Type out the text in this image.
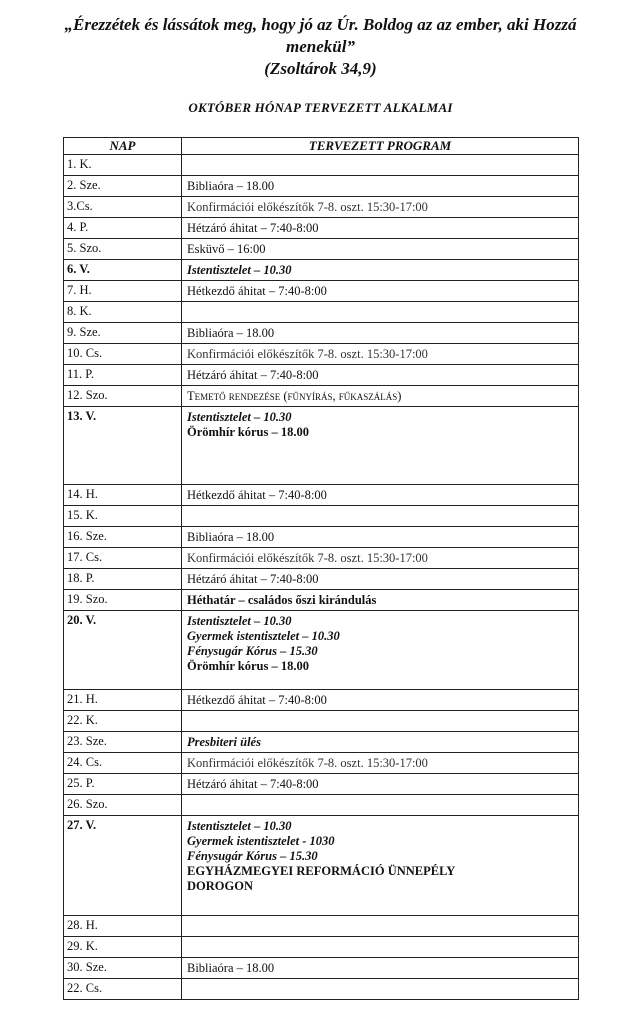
„Érezzétek és lássátok meg, hogy jó az Úr. Boldog az az ember, aki Hozzá
menekül”
(Zsoltárok 34,9)
OKTÓBER HÓNAP TERVEZETT ALKALMAI
NAP	TERVEZETT PROGRAM
1. K.	
2. Sze.	Bibliaóra – 18.00

3.Cs.	Konfirmációi előkészítők 7-8. oszt. 15:30-17:00

4. P.	Hétzáró áhitat – 7:40-8:00

5. Szo.	Esküvő – 16:00

6. V.	Istentisztelet – 10.30

7. H.	Hétkezdő áhitat – 7:40-8:00

8. K.	
9. Sze.	Bibliaóra – 18.00

10. Cs.	Konfirmációi előkészítők 7-8. oszt. 15:30-17:00

11. P.	Hétzáró áhitat – 7:40-8:00

12. Szo.	Temető rendezése (fűnyírás, fűkaszálás)

13. V.	Istentisztelet – 10.30
Örömhír kórus – 18.00

14. H.	Hétkezdő áhitat – 7:40-8:00

15. K.	
16. Sze.	Bibliaóra – 18.00

17. Cs.	Konfirmációi előkészítők 7-8. oszt. 15:30-17:00

18. P.	Hétzáró áhitat – 7:40-8:00

19. Szo.	Héthatár – családos őszi kirándulás

20. V.	Istentisztelet – 10.30
Gyermek istentisztelet – 10.30
Fénysugár Kórus – 15.30
Örömhír kórus – 18.00

21. H.	Hétkezdő áhitat – 7:40-8:00

22. K.	
23. Sze.	Presbiteri ülés

24. Cs.	Konfirmációi előkészítők 7-8. oszt. 15:30-17:00

25. P.	Hétzáró áhitat – 7:40-8:00

26. Szo.	
27. V.	Istentisztelet – 10.30
Gyermek istentisztelet - 1030
Fénysugár Kórus – 15.30
EGYHÁZMEGYEI REFORMÁCIÓ ÜNNEPÉLY
DOROGON

28. H.	
29. K.	
30. Sze.	Bibliaóra – 18.00

22. Cs.	
